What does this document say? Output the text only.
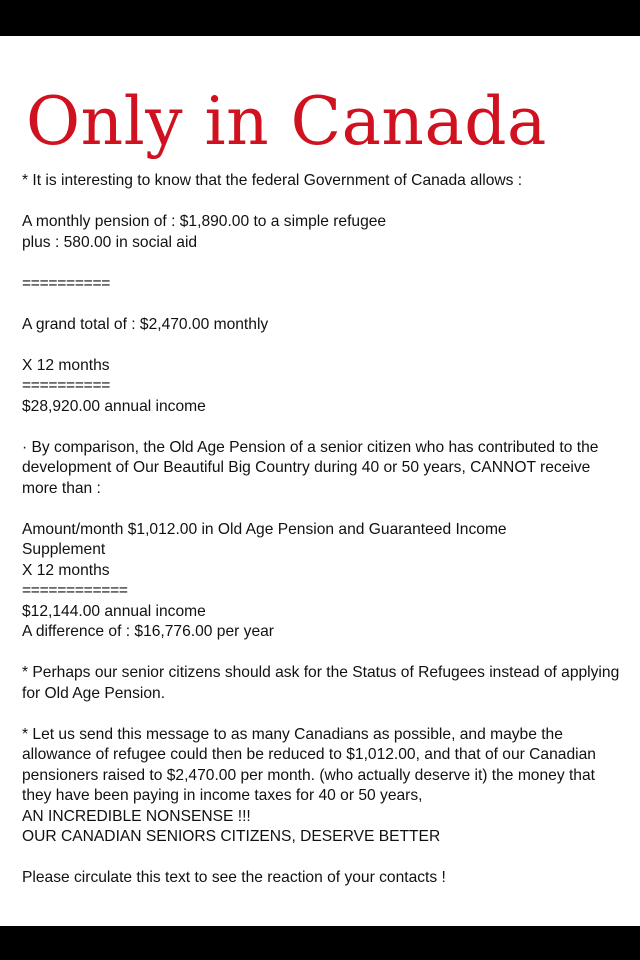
Only in Canada
* It is interesting to know that the federal Government of Canada allows :
A monthly pension of : $1,890.00 to a simple refugee
plus : 580.00 in social aid
==========
A grand total of : $2,470.00 monthly
X 12 months
==========
$28,920.00 annual income
· By comparison, the Old Age Pension of a senior citizen who has contributed to the development of Our Beautiful Big Country during 40 or 50 years, CANNOT receive more than :
Amount/month $1,012.00 in Old Age Pension and Guaranteed Income
Supplement
X 12 months
============
$12,144.00 annual income
A difference of : $16,776.00 per year
* Perhaps our senior citizens should ask for the Status of Refugees instead of applying for Old Age Pension.
* Let us send this message to as many Canadians as possible, and maybe the allowance of refugee could then be reduced to $1,012.00, and that of our Canadian pensioners raised to $2,470.00 per month. (who actually deserve it) the money that they have been paying in income taxes for 40 or 50 years,
AN INCREDIBLE NONSENSE !!!
OUR CANADIAN SENIORS CITIZENS, DESERVE BETTER
Please circulate this text to see the reaction of your contacts !
